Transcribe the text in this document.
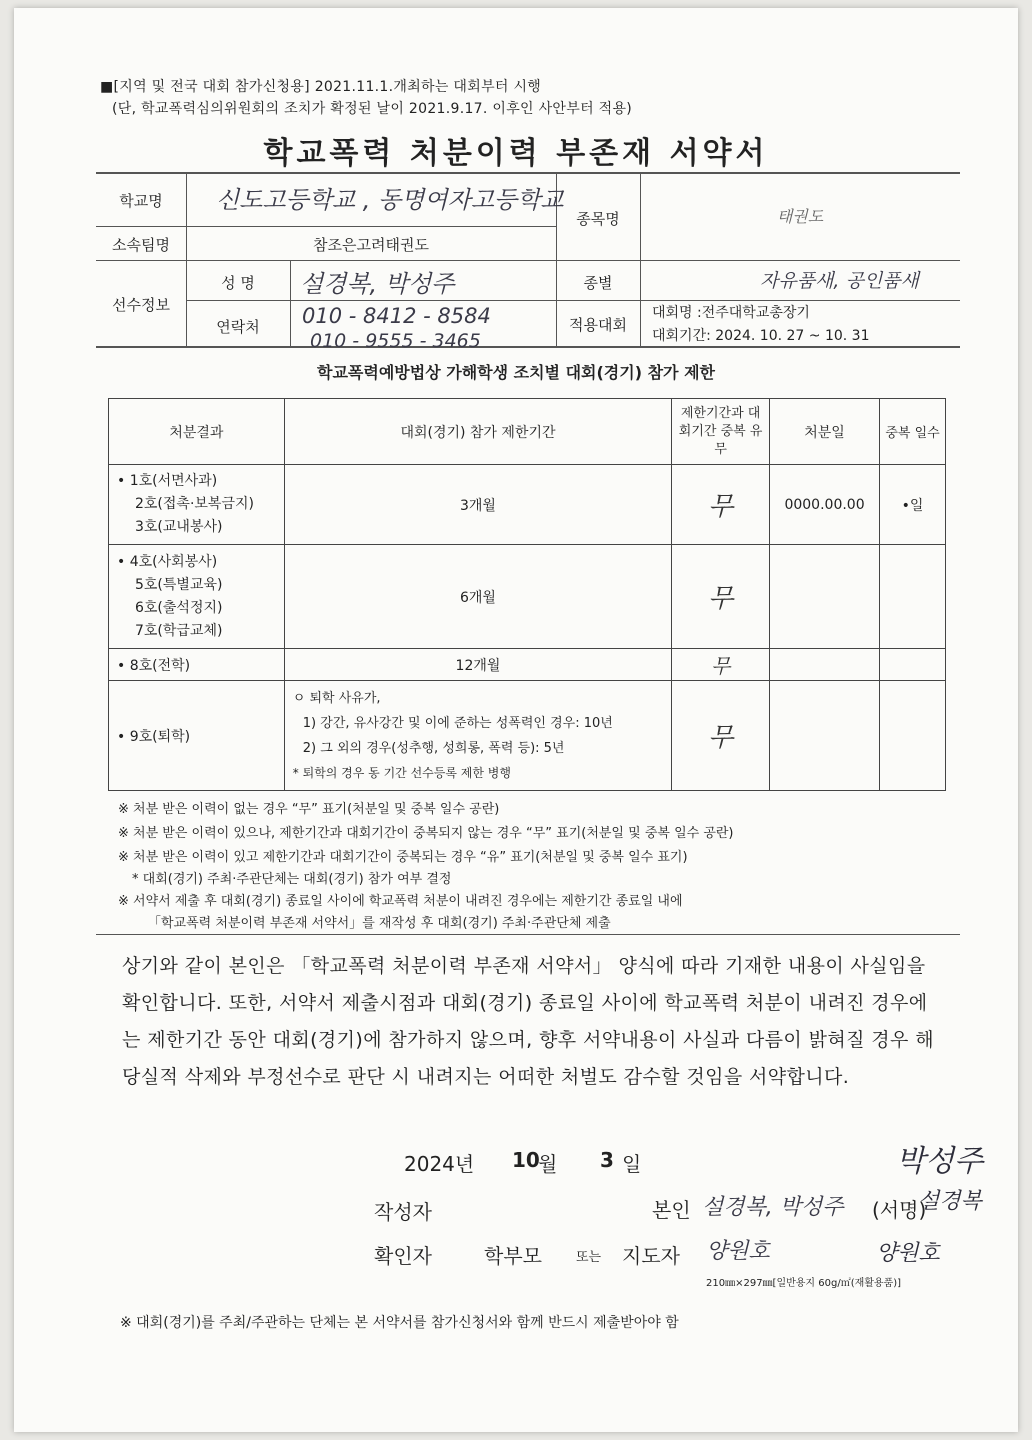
■[지역 및 전국 대회 참가신청용] 2021.11.1.개최하는 대회부터 시행
(단, 학교폭력심의위원회의 조치가 확정된 날이 2021.9.17. 이후인 사안부터 적용)
학교폭력 처분이력 부존재 서약서
학교명	신도고등학교 , 동명여자고등학교
소속팀명	참조은고려태권도
종목명	태권도
선수정보
성 명	설경복, 박성주
연락처	010 - 8412 - 8584
010 - 9555 - 3465
종별	자유품새, 공인품새
적용대회
대회명 :전주대학교총장기
대회기간: 2024. 10. 27 ~ 10. 31
학교폭력예방법상 가해학생 조치별 대회(경기) 참가 제한
처분결과	대회(경기) 참가 제한기간	제한기간과 대회기간 중복 유무	처분일	중복 일수

• 1호(서면사과)
2호(접촉·보복금지)
3호(교내봉사)	3개월	무	0000.00.00	•일

• 4호(사회봉사)
5호(특별교육)
6호(출석정지)
7호(학급교체)	6개월	무		
• 8호(전학)	12개월	무		
• 9호(퇴학)	ㅇ 퇴학 사유가,
1) 강간, 유사강간 및 이에 준하는 성폭력인 경우: 10년
2) 그 외의 경우(성추행, 성희롱, 폭력 등): 5년
* 퇴학의 경우 동 기간 선수등록 제한 병행	무		
※ 처분 받은 이력이 없는 경우 “무” 표기(처분일 및 중복 일수 공란)
※ 처분 받은 이력이 있으나, 제한기간과 대회기간이 중복되지 않는 경우 “무” 표기(처분일 및 중복 일수 공란)
※ 처분 받은 이력이 있고 제한기간과 대회기간이 중복되는 경우 “유” 표기(처분일 및 중복 일수 표기)
* 대회(경기) 주최·주관단체는 대회(경기) 참가 여부 결정
※ 서약서 제출 후 대회(경기) 종료일 사이에 학교폭력 처분이 내려진 경우에는 제한기간 종료일 내에
「학교폭력 처분이력 부존재 서약서」를 재작성 후 대회(경기) 주최·주관단체 제출
상기와 같이 본인은 「학교폭력 처분이력 부존재 서약서」 양식에 따라 기재한 내용이 사실임을 확인합니다. 또한, 서약서 제출시점과 대회(경기) 종료일 사이에 학교폭력 처분이 내려진 경우에는 제한기간 동안 대회(경기)에 참가하지 않으며, 향후 서약내용이 사실과 다름이 밝혀질 경우 해당실적 삭제와 부정선수로 판단 시 내려지는 어떠한 처벌도 감수할 것임을 서약합니다.
2024년 10
월 3 일
작성자	본인 설경복, 박성주 (서명)
박성주
설경복
확인자	학부모	또는 지도자 양원호	양원호
210㎜×297㎜[일반용지 60g/㎡(재활용품)]
※ 대회(경기)를 주최/주관하는 단체는 본 서약서를 참가신청서와 함께 반드시 제출받아야 함
